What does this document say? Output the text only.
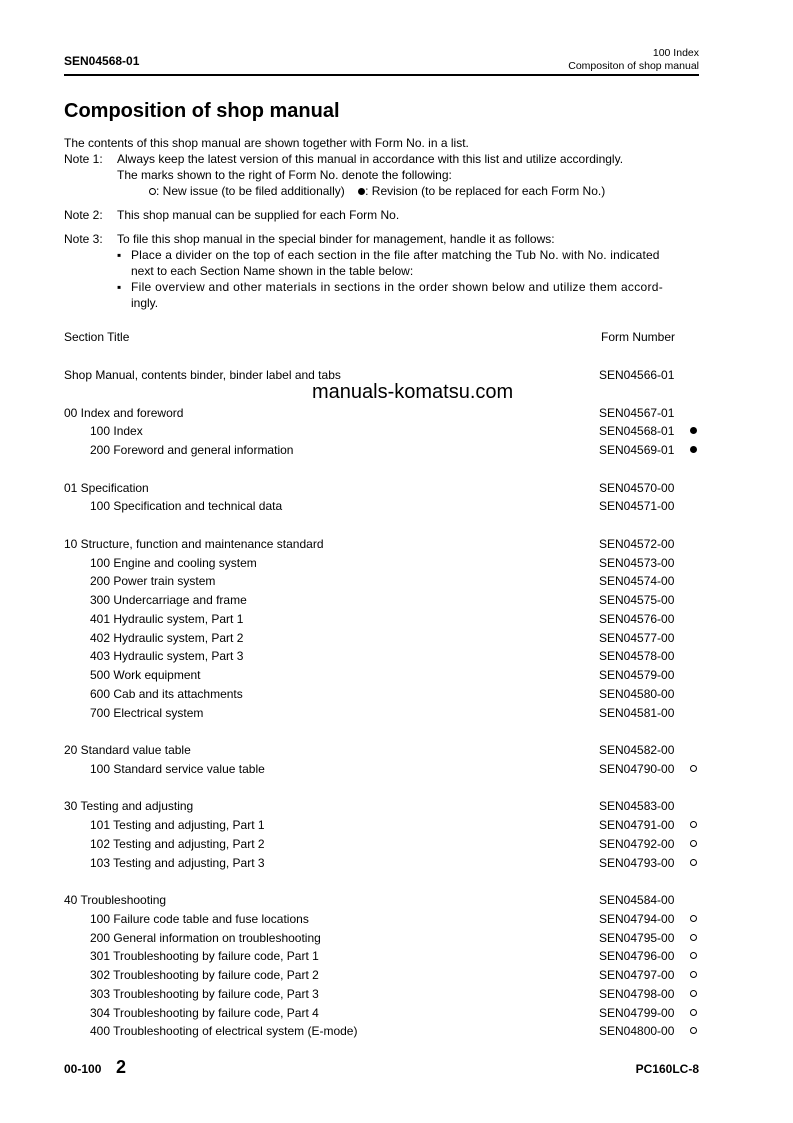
SEN04568-01
100 Index
Compositon of shop manual
Composition of shop manual
The contents of this shop manual are shown together with Form No. in a list.
Note 1: Always keep the latest version of this manual in accordance with this list and utilize accordingly.
The marks shown to the right of Form No. denote the following:
: New issue (to be filed additionally) : Revision (to be replaced for each Form No.)
Note 2: This shop manual can be supplied for each Form No.
Note 3: To file this shop manual in the special binder for management, handle it as follows:
▪ Place a divider on the top of each section in the file after matching the Tub No. with No. indicated
next to each Section Name shown in the table below:
▪ File overview and other materials in sections in the order shown below and utilize them accord-
ingly.
Section Title	Form Number
Shop Manual, contents binder, binder label and tabs	SEN04566-01
00 Index and foreword	SEN04567-01
100 Index	SEN04568-01
200 Foreword and general information	SEN04569-01
01 Specification	SEN04570-00
100 Specification and technical data	SEN04571-00
10 Structure, function and maintenance standard	SEN04572-00
100 Engine and cooling system	SEN04573-00
200 Power train system	SEN04574-00
300 Undercarriage and frame	SEN04575-00
401 Hydraulic system, Part 1	SEN04576-00
402 Hydraulic system, Part 2	SEN04577-00
403 Hydraulic system, Part 3	SEN04578-00
500 Work equipment	SEN04579-00
600 Cab and its attachments	SEN04580-00
700 Electrical system	SEN04581-00
20 Standard value table	SEN04582-00
100 Standard service value table	SEN04790-00
30 Testing and adjusting	SEN04583-00
101 Testing and adjusting, Part 1	SEN04791-00
102 Testing and adjusting, Part 2	SEN04792-00
103 Testing and adjusting, Part 3	SEN04793-00
40 Troubleshooting	SEN04584-00
100 Failure code table and fuse locations	SEN04794-00
200 General information on troubleshooting	SEN04795-00
301 Troubleshooting by failure code, Part 1	SEN04796-00
302 Troubleshooting by failure code, Part 2	SEN04797-00
303 Troubleshooting by failure code, Part 3	SEN04798-00
304 Troubleshooting by failure code, Part 4	SEN04799-00
400 Troubleshooting of electrical system (E-mode)	SEN04800-00
manuals-komatsu.com
00-100 2	PC160LC-8
